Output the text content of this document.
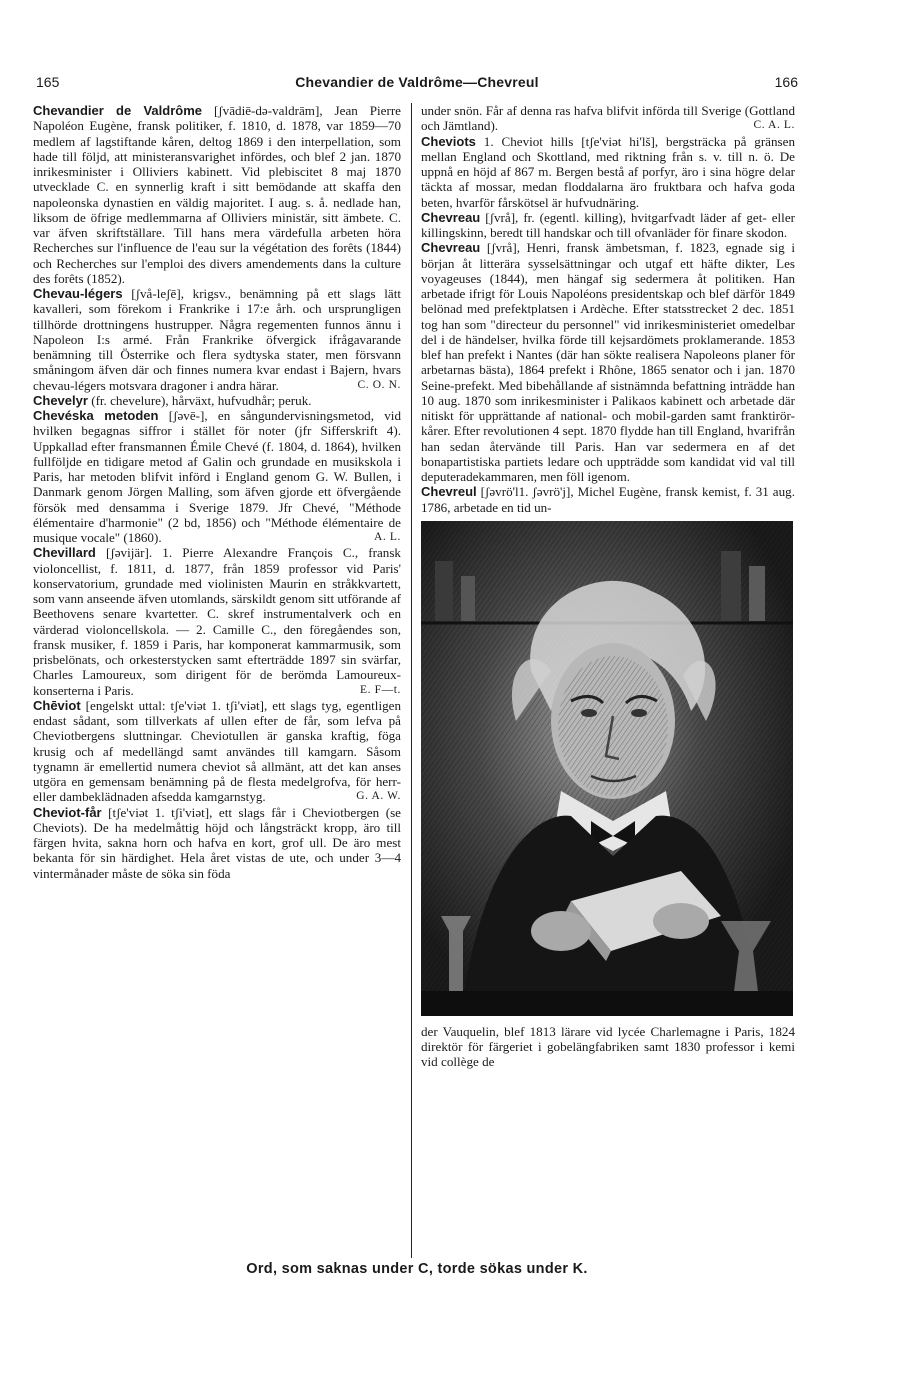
165	Chevandier de Valdrôme—Chevreul	166

Chevandier de Valdrôme [ʃvādiē-də-valdrām], Jean Pierre Napoléon Eugène, fransk politiker, f. 1810, d. 1878, var 1859—70 medlem af lagstiftande kåren, deltog 1869 i den interpellation, som hade till följd, att ministeransvarighet infördes, och blef 2 jan. 1870 inrikesminister i Olliviers kabinett. Vid plebiscitet 8 maj 1870 utvecklade C. en synnerlig kraft i sitt bemödande att skaffa den napoleonska dynastien en väldig majoritet. I aug. s. å. nedlade han, liksom de öfrige medlemmarna af Olliviers ministär, sitt ämbete. C. var äfven skriftställare. Till hans mera värdefulla arbeten höra Recherches sur l'influence de l'eau sur la végétation des forêts (1844) och Recherches sur l'emploi des divers amendements dans la culture des forêts (1852).

Chevau-légers [ʃvå-leʃē], krigsv., benämning på ett slags lätt kavalleri, som förekom i Frankrike i 17:e årh. och ursprungligen tillhörde drottningens hustrupper. Några regementen funnos ännu i Napoleon I:s armé. Från Frankrike öfvergick ifrågavarande benämning till Österrike och flera sydtyska stater, men försvann småningom äfven där och finnes numera kvar endast i Bajern, hvars chevau-légers motsvara dragoner i andra härar.	C. O. N.

Chevelyr (fr. chevelure), hårväxt, hufvudhår; peruk.

Chevéska metoden [ʃəvē-], en sångundervisningsmetod, vid hvilken begagnas siffror i stället för noter (jfr Sifferskrift 4). Uppkallad efter fransmannen Émile Chevé (f. 1804, d. 1864), hvilken fullföljde en tidigare metod af Galin och grundade en musikskola i Paris, har metoden blifvit införd i England genom G. W. Bullen, i Danmark genom Jörgen Malling, som äfven gjorde ett öfvergående försök med densamma i Sverige 1879. Jfr Chevé, "Méthode élémentaire d'harmonie" (2 bd, 1856) och "Méthode élémentaire de musique vocale" (1860).	A. L.

Chevillard [ʃəvijär]. 1. Pierre Alexandre François C., fransk violoncellist, f. 1811, d. 1877, från 1859 professor vid Paris' konservatorium, grundade med violinisten Maurin en stråkkvartett, som vann anseende äfven utomlands, särskildt genom sitt utförande af Beethovens senare kvartetter. C. skref instrumentalverk och en värderad violoncellskola. — 2. Camille C., den föregåendes son, fransk musiker, f. 1859 i Paris, har komponerat kammarmusik, som prisbelönats, och orkesterstycken samt efterträdde 1897 sin svärfar, Charles Lamoureux, som dirigent för de berömda Lamoureux-konserterna i Paris.	E. F—t.

Chēviot [engelskt uttal: tʃe'viət 1. tʃi'viət], ett slags tyg, egentligen endast sådant, som tillverkats af ullen efter de får, som lefva på Cheviotbergens sluttningar. Cheviotullen är ganska kraftig, föga krusig och af medellängd samt användes till kamgarn. Såsom tygnamn är emellertid numera cheviot så allmänt, att det kan anses utgöra en gemensam benämning på de flesta medelgrofva, för herr- eller dambeklädnaden afsedda kamgarnstyg.	G. A. W.

Cheviot-får [tʃe'viət 1. tʃi'viət], ett slags får i Cheviotbergen (se Cheviots). De ha medelmåttig höjd och långsträckt kropp, äro till färgen hvita, sakna horn och hafva en kort, grof ull. De äro mest bekanta för sin härdighet. Hela året vistas de ute, och under 3—4 vintermånader måste de söka sin föda

under snön. Får af denna ras hafva blifvit införda till Sverige (Gottland och Jämtland).	C. A. L.

Cheviots 1. Cheviot hills [tʃe'viət hi'lš], bergsträcka på gränsen mellan England och Skottland, med riktning från s. v. till n. ö. De uppnå en höjd af 867 m. Bergen bestå af porfyr, äro i sina högre delar täckta af mossar, medan floddalarna äro fruktbara och hafva goda beten, hvarför fårskötsel är hufvudnäring.

Chevreau [ʃvrå], fr. (egentl. killing), hvitgarfvadt läder af get- eller killingskinn, beredt till handskar och till ofvanläder för finare skodon.

Chevreau [ʃvrå], Henri, fransk ämbetsman, f. 1823, egnade sig i början åt litterära sysselsättningar och utgaf ett häfte dikter, Les voyageuses (1844), men hängaf sig sedermera åt politiken. Han arbetade ifrigt för Louis Napoléons presidentskap och blef därför 1849 belönad med prefektplatsen i Ardèche. Efter statsstrecket 2 dec. 1851 tog han som "directeur du personnel" vid inrikesministeriet omedelbar del i de händelser, hvilka förde till kejsardömets proklamerande. 1853 blef han prefekt i Nantes (där han sökte realisera Napoleons planer för arbetarnas bästa), 1864 prefekt i Rhône, 1865 senator och i jan. 1870 Seine-prefekt. Med bibehållande af sistnämnda befattning inträdde han 10 aug. 1870 som inrikesminister i Palikaos kabinett och arbetade där nitiskt för upprättande af national- och mobil-garden samt franktirör-kårer. Efter revolutionen 4 sept. 1870 flydde han till England, hvarifrån han sedan återvände till Paris. Han var sedermera en af det bonapartistiska partiets ledare och uppträdde som kandidat vid val till deputeradekammaren, men föll igenom.

Chevreul [ʃəvrö'l1. ʃəvrö'j], Michel Eugène, fransk kemist, f. 31 aug. 1786, arbetade en tid un-

der Vauquelin, blef 1813 lärare vid lycée Charlemagne i Paris, 1824 direktör för färgeriet i gobelängfabriken samt 1830 professor i kemi vid collège de

Ord, som saknas under C, torde sökas under K.
